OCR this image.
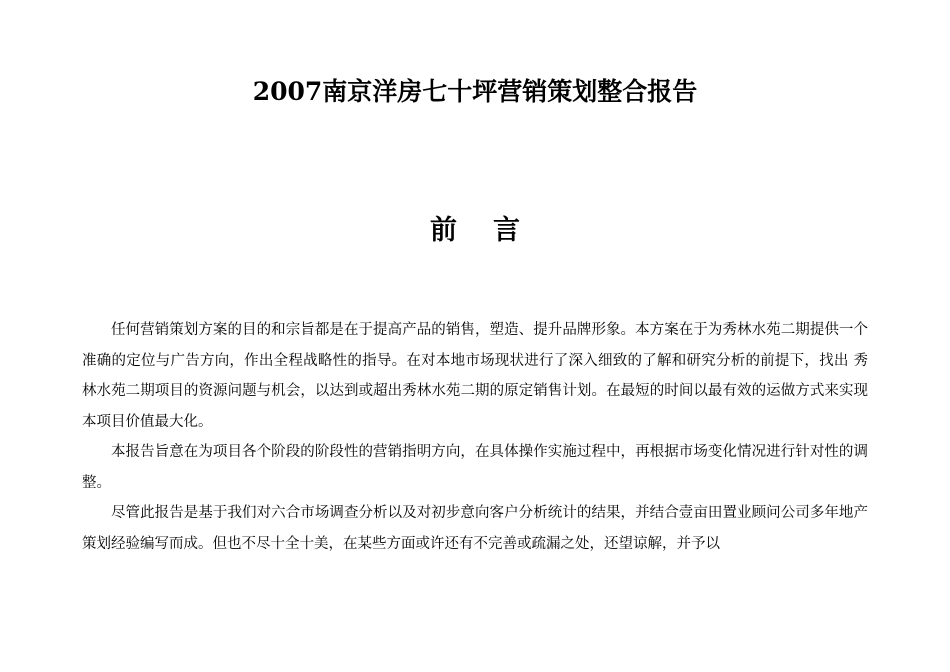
2007南京洋房七十坪营销策划整合报告
前 言

任何营销策划方案的目的和宗旨都是在于提高产品的销售，塑造、提升品牌形象。本方案在于为秀林水苑二期提供一个准确的定位与广告方向，作出全程战略性的指导。在对本地市场现状进行了深入细致的了解和研究分析的前提下，找出 秀林水苑二期项目的资源问题与机会，以达到或超出秀林水苑二期的原定销售计划。在最短的时间以最有效的运做方式来实现本项目价值最大化。

本报告旨意在为项目各个阶段的阶段性的营销指明方向，在具体操作实施过程中，再根据市场变化情况进行针对性的调整。

尽管此报告是基于我们对六合市场调查分析以及对初步意向客户分析统计的结果，并结合壹亩田置业顾问公司多年地产策划经验编写而成。但也不尽十全十美，在某些方面或许还有不完善或疏漏之处，还望谅解，并予以
